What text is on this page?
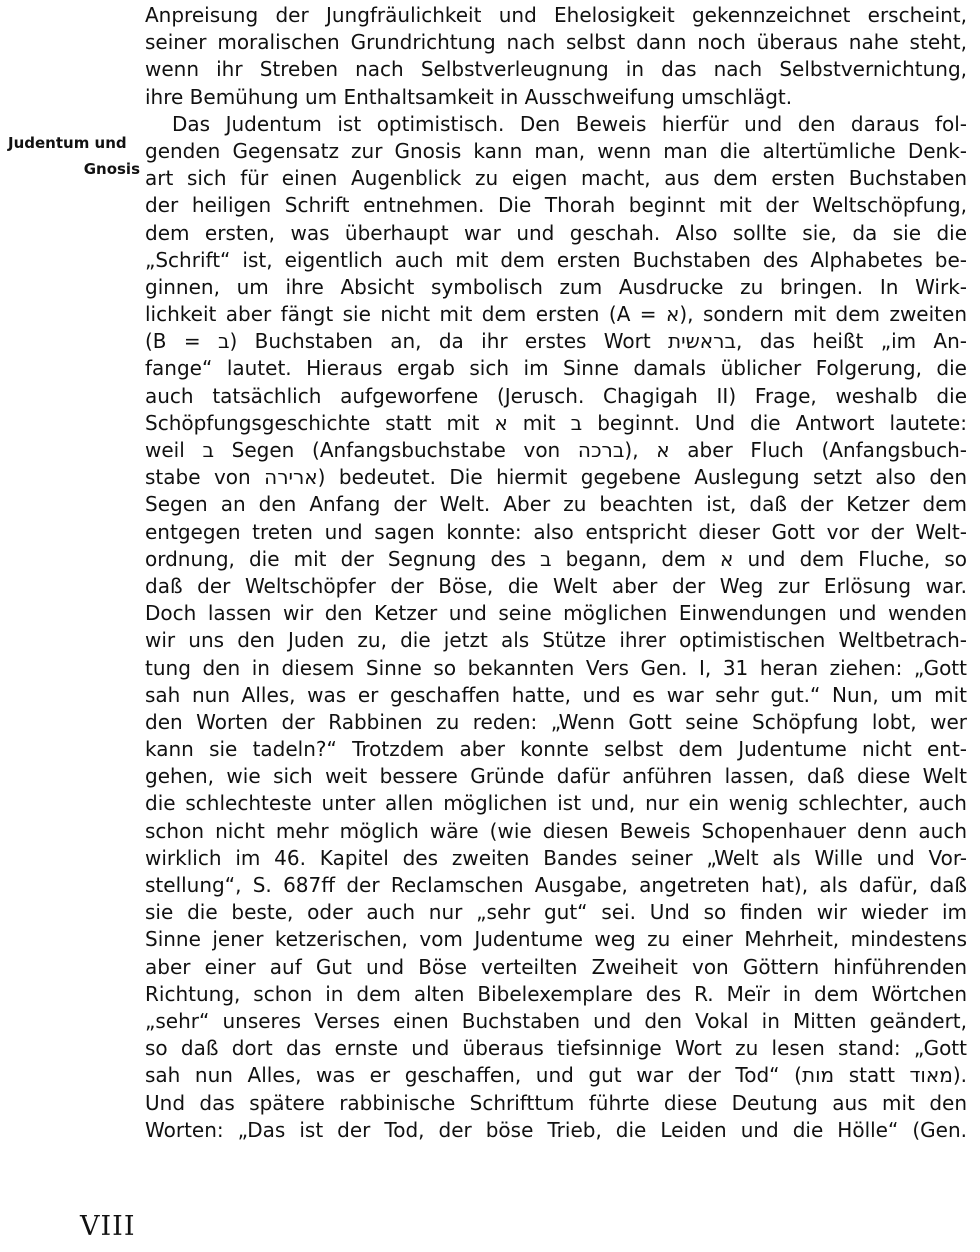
Judentum und
Gnosis
VIII
Anpreisung der Jungfräulichkeit und Ehelosigkeit gekennzeichnet erscheint,
seiner moralischen Grundrichtung nach selbst dann noch überaus nahe steht,
wenn ihr Streben nach Selbstverleugnung in das nach Selbstvernichtung,
ihre Bemühung um Enthaltsamkeit in Ausschweifung umschlägt.
Das Judentum ist optimistisch. Den Beweis hierfür und den daraus fol-
genden Gegensatz zur Gnosis kann man, wenn man die altertümliche Denk-
art sich für einen Augenblick zu eigen macht, aus dem ersten Buchstaben
der heiligen Schrift entnehmen. Die Thorah beginnt mit der Weltschöpfung,
dem ersten, was überhaupt war und geschah. Also sollte sie, da sie die
„Schrift“ ist, eigentlich auch mit dem ersten Buchstaben des Alphabetes be-
ginnen, um ihre Absicht symbolisch zum Ausdrucke zu bringen. In Wirk-
lichkeit aber fängt sie nicht mit dem ersten (A = א), sondern mit dem zweiten
(B = ב) Buchstaben an, da ihr erstes Wort בראשית, das heißt „im An-
fange“ lautet. Hieraus ergab sich im Sinne damals üblicher Folgerung, die
auch tatsächlich aufgeworfene (Jerusch. Chagigah II) Frage, weshalb die
Schöpfungsgeschichte statt mit א mit ב beginnt. Und die Antwort lautete:
weil ב Segen (Anfangsbuchstabe von ברכה), א aber Fluch (Anfangsbuch-
stabe von ארירה) bedeutet. Die hiermit gegebene Auslegung setzt also den
Segen an den Anfang der Welt. Aber zu beachten ist, daß der Ketzer dem
entgegen treten und sagen konnte: also entspricht dieser Gott vor der Welt-
ordnung, die mit der Segnung des ב begann, dem א und dem Fluche, so
daß der Weltschöpfer der Böse, die Welt aber der Weg zur Erlösung war.
Doch lassen wir den Ketzer und seine möglichen Einwendungen und wenden
wir uns den Juden zu, die jetzt als Stütze ihrer optimistischen Weltbetrach-
tung den in diesem Sinne so bekannten Vers Gen. I, 31 heran ziehen: „Gott
sah nun Alles, was er geschaffen hatte, und es war sehr gut.“ Nun, um mit
den Worten der Rabbinen zu reden: „Wenn Gott seine Schöpfung lobt, wer
kann sie tadeln?“ Trotzdem aber konnte selbst dem Judentume nicht ent-
gehen, wie sich weit bessere Gründe dafür anführen lassen, daß diese Welt
die schlechteste unter allen möglichen ist und, nur ein wenig schlechter, auch
schon nicht mehr möglich wäre (wie diesen Beweis Schopenhauer denn auch
wirklich im 46. Kapitel des zweiten Bandes seiner „Welt als Wille und Vor-
stellung“, S. 687ff der Reclamschen Ausgabe, angetreten hat), als dafür, daß
sie die beste, oder auch nur „sehr gut“ sei. Und so finden wir wieder im
Sinne jener ketzerischen, vom Judentume weg zu einer Mehrheit, mindestens
aber einer auf Gut und Böse verteilten Zweiheit von Göttern hinführenden
Richtung, schon in dem alten Bibelexemplare des R. Meïr in dem Wörtchen
„sehr“ unseres Verses einen Buchstaben und den Vokal in Mitten geändert,
so daß dort das ernste und überaus tiefsinnige Wort zu lesen stand: „Gott
sah nun Alles, was er geschaffen, und gut war der Tod“ (מות statt מאוד).
Und das spätere rabbinische Schrifttum führte diese Deutung aus mit den
Worten: „Das ist der Tod, der böse Trieb, die Leiden und die Hölle“ (Gen.
